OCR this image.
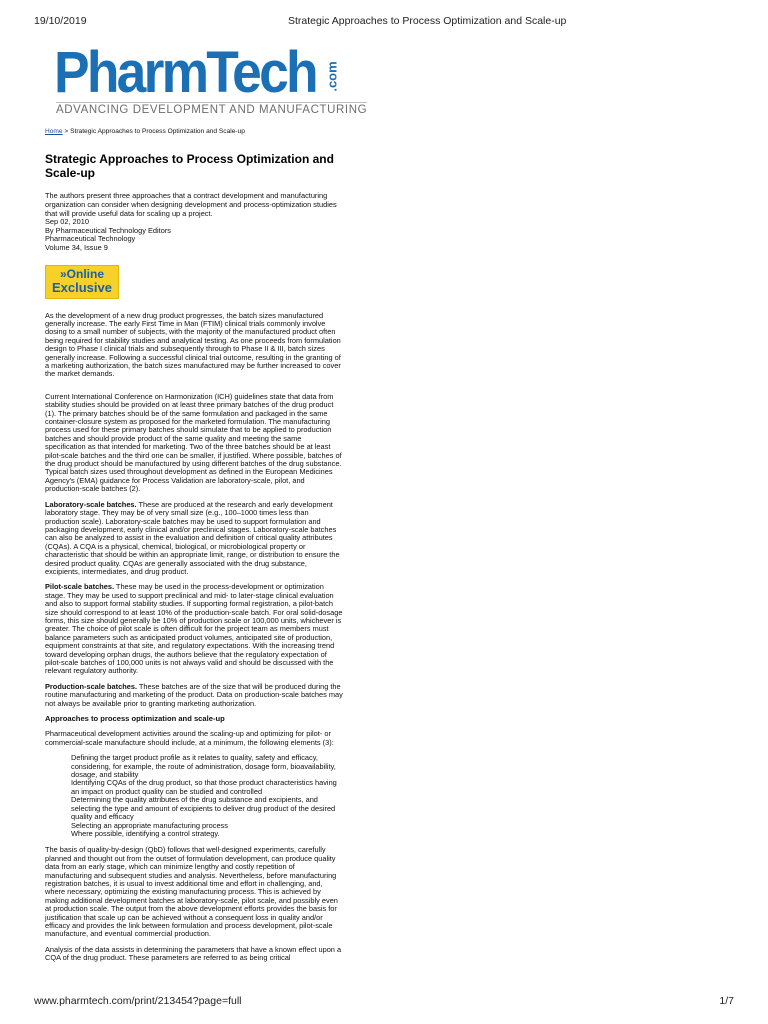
19/10/2019	Strategic Approaches to Process Optimization and Scale-up
PharmTech .com
ADVANCING DEVELOPMENT AND MANUFACTURING
Home > Strategic Approaches to Process Optimization and Scale-up
Strategic Approaches to Process Optimization and Scale-up
The authors present three approaches that a contract development and manufacturing organization can consider when designing development and process-optimization studies that will provide useful data for scaling up a project.
Sep 02, 2010
By Pharmaceutical Technology Editors
Pharmaceutical Technology
Volume 34, Issue 9
»Online
Exclusive

As the development of a new drug product progresses, the batch sizes manufactured generally increase. The early First Time in Man (FTIM) clinical trials commonly involve dosing to a small number of subjects, with the majority of the manufactured product often being required for stability studies and analytical testing. As one proceeds from formulation design to Phase I clinical trials and subsequently through to Phase II & III, batch sizes generally increase. Following a successful clinical trial outcome, resulting in the granting of a marketing authorization, the batch sizes manufactured may be further increased to cover the market demands.

Current International Conference on Harmonization (ICH) guidelines state that data from stability studies should be provided on at least three primary batches of the drug product (1). The primary batches should be of the same formulation and packaged in the same container-closure system as proposed for the marketed formulation. The manufacturing process used for these primary batches should simulate that to be applied to production batches and should provide product of the same quality and meeting the same specification as that intended for marketing. Two of the three batches should be at least pilot-scale batches and the third one can be smaller, if justified. Where possible, batches of the drug product should be manufactured by using different batches of the drug substance. Typical batch sizes used throughout development as defined in the European Medicines Agency's (EMA) guidance for Process Validation are laboratory-scale, pilot, and production-scale batches (2).

Laboratory-scale batches. These are produced at the research and early development laboratory stage. They may be of very small size (e.g., 100–1000 times less than production scale). Laboratory-scale batches may be used to support formulation and packaging development, early clinical and/or preclinical stages. Laboratory-scale batches can also be analyzed to assist in the evaluation and definition of critical quality attributes (CQAs). A CQA is a physical, chemical, biological, or microbiological property or characteristic that should be within an appropriate limit, range, or distribution to ensure the desired product quality. CQAs are generally associated with the drug substance, excipients, intermediates, and drug product.

Pilot-scale batches. These may be used in the process-development or optimization stage. They may be used to support preclinical and mid- to later-stage clinical evaluation and also to support formal stability studies. If supporting formal registration, a pilot-batch size should correspond to at least 10% of the production-scale batch. For oral solid-dosage forms, this size should generally be 10% of production scale or 100,000 units, whichever is greater. The choice of pilot scale is often difficult for the project team as members must balance parameters such as anticipated product volumes, anticipated site of production, equipment constraints at that site, and regulatory expectations. With the increasing trend toward developing orphan drugs, the authors believe that the regulatory expectation of pilot-scale batches of 100,000 units is not always valid and should be discussed with the relevant regulatory authority.

Production-scale batches. These batches are of the size that will be produced during the routine manufacturing and marketing of the product. Data on production-scale batches may not always be available prior to granting marketing authorization.

Approaches to process optimization and scale-up

Pharmaceutical development activities around the scaling-up and optimizing for pilot- or commercial-scale manufacture should include, at a minimum, the following elements (3):

Defining the target product profile as it relates to quality, safety and efficacy, considering, for example, the route of administration, dosage form, bioavailability, dosage, and stability
Identifying CQAs of the drug product, so that those product characteristics having an impact on product quality can be studied and controlled
Determining the quality attributes of the drug substance and excipients, and selecting the type and amount of excipients to deliver drug product of the desired quality and efficacy
Selecting an appropriate manufacturing process
Where possible, identifying a control strategy.

The basis of quality-by-design (QbD) follows that well-designed experiments, carefully planned and thought out from the outset of formulation development, can produce quality data from an early stage, which can minimize lengthy and costly repetition of manufacturing and subsequent studies and analysis. Nevertheless, before manufacturing registration batches, it is usual to invest additional time and effort in challenging, and, where necessary, optimizing the existing manufacturing process. This is achieved by making additional development batches at laboratory-scale, pilot scale, and possibly even at production scale. The output from the above development efforts provides the basis for justification that scale up can be achieved without a consequent loss in quality and/or efficacy and provides the link between formulation and process development, pilot-scale manufacture, and eventual commercial production.

Analysis of the data assists in determining the parameters that have a known effect upon a CQA of the drug product. These parameters are referred to as being critical

www.pharmtech.com/print/213454?page=full	1/7
